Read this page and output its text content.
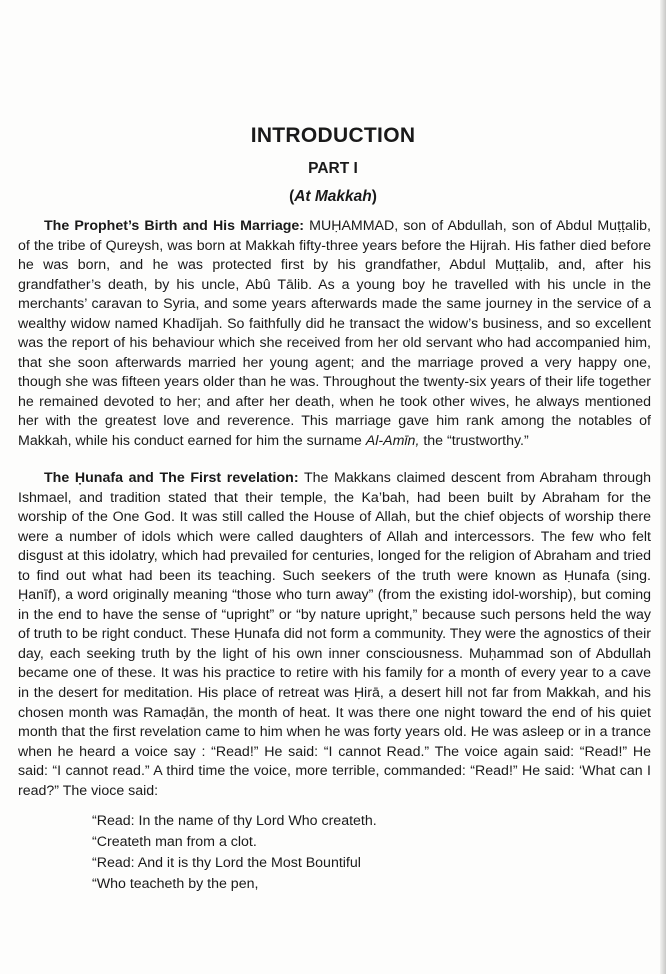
INTRODUCTION
PART I
(At Makkah)

The Prophet’s Birth and His Marriage: MUḤAMMAD, son of Abdullah, son of Abdul Muṭṭalib, of the tribe of Qureysh, was born at Makkah fifty-three years before the Hijrah. His father died before he was born, and he was protected first by his grandfather, Abdul Muṭṭalib, and, after his grandfather’s death, by his uncle, Abû Tālib. As a young boy he travelled with his uncle in the merchants’ caravan to Syria, and some years afterwards made the same journey in the service of a wealthy widow named Khadījah. So faithfully did he transact the widow’s business, and so excellent was the report of his behaviour which she received from her old servant who had accompanied him, that she soon afterwards married her young agent; and the marriage proved a very happy one, though she was fifteen years older than he was. Throughout the twenty-six years of their life together he remained devoted to her; and after her death, when he took other wives, he always mentioned her with the greatest love and reverence. This marriage gave him rank among the notables of Makkah, while his conduct earned for him the surname Al-Amīn, the “trustworthy.”

The Ḥunafa and The First revelation: The Makkans claimed descent from Abraham through Ishmael, and tradition stated that their temple, the Ka’bah, had been built by Abraham for the worship of the One God. It was still called the House of Allah, but the chief objects of worship there were a number of idols which were called daughters of Allah and intercessors. The few who felt disgust at this idolatry, which had prevailed for centuries, longed for the religion of Abraham and tried to find out what had been its teaching. Such seekers of the truth were known as Ḥunafa (sing. Ḥanīf), a word originally meaning “those who turn away” (from the existing idol-worship), but coming in the end to have the sense of “upright” or “by nature upright,” because such persons held the way of truth to be right conduct. These Ḥunafa did not form a community. They were the agnostics of their day, each seeking truth by the light of his own inner consciousness. Muḥammad son of Abdullah became one of these. It was his practice to retire with his family for a month of every year to a cave in the desert for meditation. His place of retreat was Ḥirā, a desert hill not far from Makkah, and his chosen month was Ramaḍān, the month of heat. It was there one night toward the end of his quiet month that the first revelation came to him when he was forty years old. He was asleep or in a trance when he heard a voice say : “Read!” He said: “I cannot Read.” The voice again said: “Read!” He said: “I cannot read.” A third time the voice, more terrible, commanded: “Read!” He said: ‘What can I read?” The vioce said:

“Read: In the name of thy Lord Who createth.
“Createth man from a clot.
“Read: And it is thy Lord the Most Bountiful
“Who teacheth by the pen,
